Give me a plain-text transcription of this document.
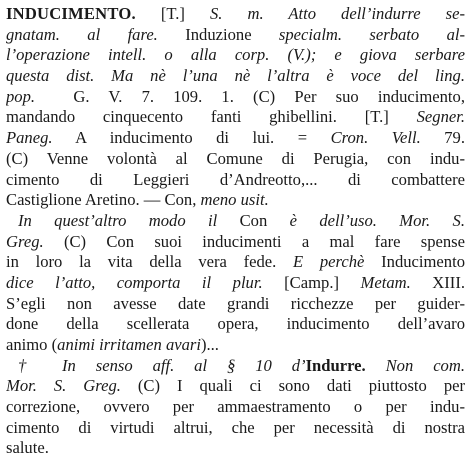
INDUCIMENTO. [T.] S. m. Atto dell’indurre se-
gnatam. al fare. Induzione specialm. serbato al-
l’operazione intell. o alla corp. (V.); e giova serbare
questa dist. Ma nè l’una nè l’altra è voce del ling.
pop.  G. V. 7. 109. 1. (C) Per suo inducimento,
mandando cinquecento fanti ghibellini. [T.] Segner.
Paneg. A inducimento di lui. = Cron. Vell. 79.
(C) Venne volontà al Comune di Perugia, con indu-
cimento di Leggieri d’Andreotto,... di combattere
Castiglione Aretino. — Con, meno usit.
In quest’altro modo il Con è dell’uso. Mor. S.
Greg. (C) Con suoi inducimenti a mal fare spense
in loro la vita della vera fede. E perchè Inducimento
dice l’atto, comporta il plur. [Camp.] Metam. XIII.
S’egli non avesse date grandi ricchezze per guider-
done della scellerata opera, inducimento dell’avaro
animo (animi irritamen avari)...
† In senso aff. al § 10 d’Indurre. Non com.
Mor. S. Greg. (C) I quali ci sono dati piuttosto per
correzione, ovvero per ammaestramento o per indu-
cimento di virtudi altrui, che per necessità di nostra
salute.
